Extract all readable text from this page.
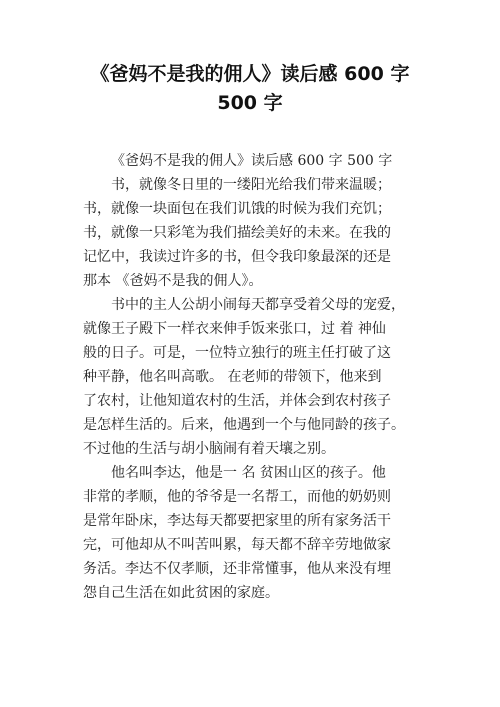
《爸妈不是我的佣人》读后感 600 字
500 字
《爸妈不是我的佣人》读后感 600 字 500 字
书，就像冬日里的一缕阳光给我们带来温暖；
书，就像一块面包在我们讥饿的时候为我们充饥；
书，就像一只彩笔为我们描绘美好的未来。在我的
记忆中，我读过许多的书，但令我印象最深的还是
那本 《爸妈不是我的佣人》。
书中的主人公胡小闹每天都享受着父母的宠爱，
就像王子殿下一样衣来伸手饭来张口，过 着 神仙
般的日子。可是，一位特立独行的班主任打破了这
种平静，他名叫高歌。 在老师的带领下，他来到
了农村，让他知道农村的生活，并体会到农村孩子
是怎样生活的。后来，他遇到一个与他同龄的孩子。
不过他的生活与胡小脑闹有着天壤之别。
他名叫李达，他是一 名 贫困山区的孩子。他
非常的孝顺，他的爷爷是一名帮工，而他的奶奶则
是常年卧床，李达每天都要把家里的所有家务活干
完，可他却从不叫苦叫累，每天都不辞辛劳地做家
务活。李达不仅孝顺，还非常懂事，他从来没有埋
怨自己生活在如此贫困的家庭。
